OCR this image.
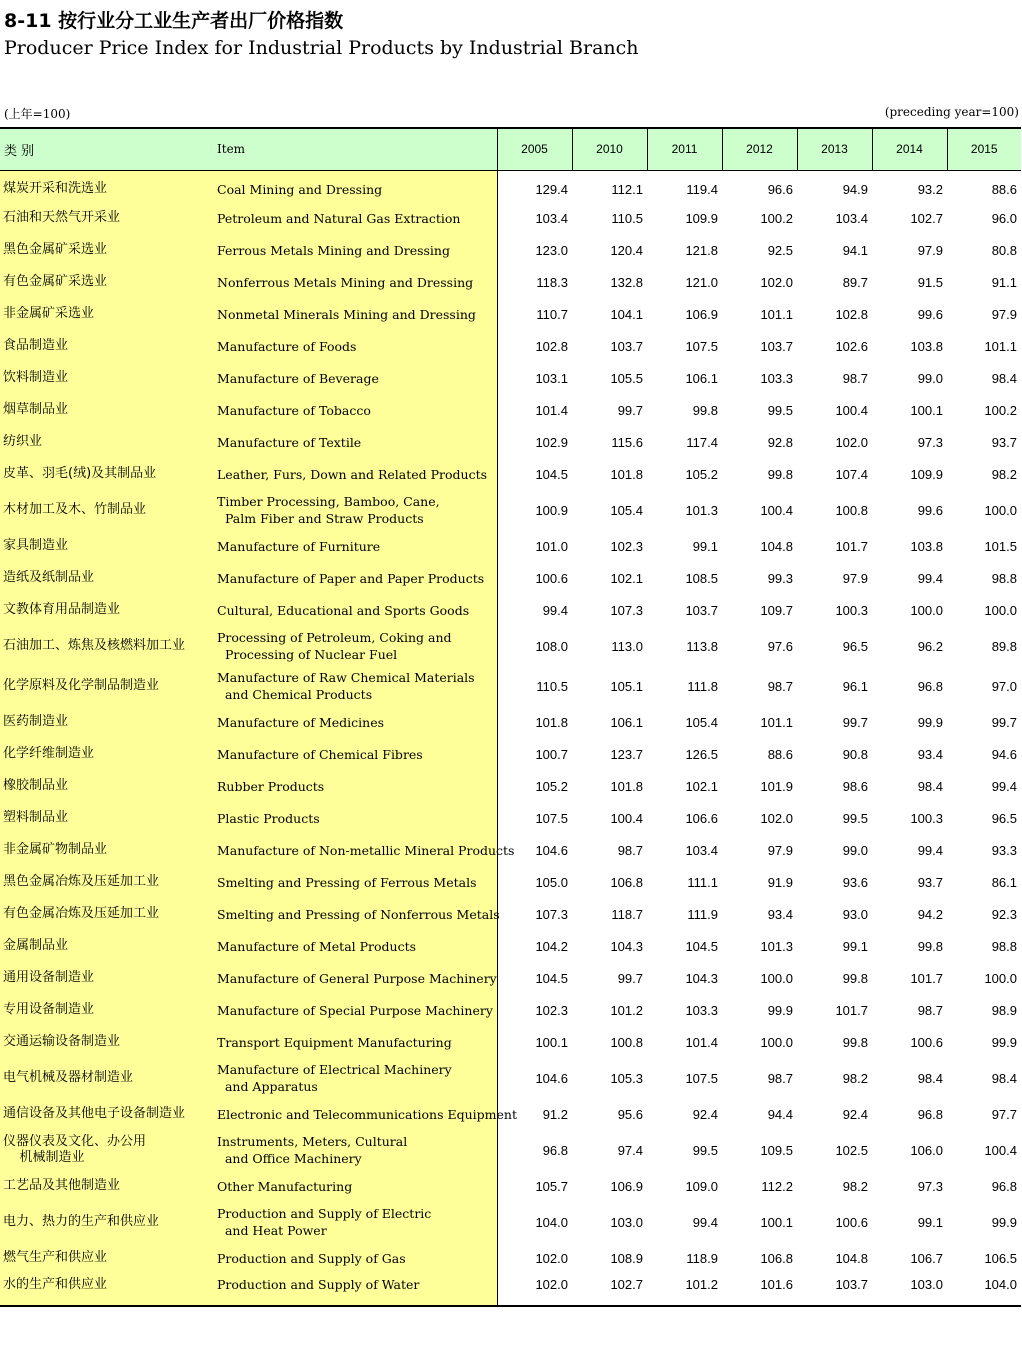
8-11 按行业分工业生产者出厂价格指数
Producer Price Index for Industrial Products by Industrial Branch
(上年=100)	(preceding year=100)
类 别	Item	2005	2010	2011	2012	2013	2014	2015
煤炭开采和洗选业	Coal Mining and Dressing	129.4	112.1	119.4	96.6	94.9	93.2	88.6
石油和天然气开采业	Petroleum and Natural Gas Extraction	103.4	110.5	109.9	100.2	103.4	102.7	96.0
黑色金属矿采选业	Ferrous Metals Mining and Dressing	123.0	120.4	121.8	92.5	94.1	97.9	80.8
有色金属矿采选业	Nonferrous Metals Mining and Dressing	118.3	132.8	121.0	102.0	89.7	91.5	91.1
非金属矿采选业	Nonmetal Minerals Mining and Dressing	110.7	104.1	106.9	101.1	102.8	99.6	97.9
食品制造业	Manufacture of Foods	102.8	103.7	107.5	103.7	102.6	103.8	101.1
饮料制造业	Manufacture of Beverage	103.1	105.5	106.1	103.3	98.7	99.0	98.4
烟草制品业	Manufacture of Tobacco	101.4	99.7	99.8	99.5	100.4	100.1	100.2
纺织业	Manufacture of Textile	102.9	115.6	117.4	92.8	102.0	97.3	93.7
皮革、羽毛(绒)及其制品业	Leather, Furs, Down and Related Products	104.5	101.8	105.2	99.8	107.4	109.9	98.2
木材加工及木、竹制品业	Timber Processing, Bamboo, Cane,
Palm Fiber and Straw Products	100.9	105.4	101.3	100.4	100.8	99.6	100.0
家具制造业	Manufacture of Furniture	101.0	102.3	99.1	104.8	101.7	103.8	101.5
造纸及纸制品业	Manufacture of Paper and Paper Products	100.6	102.1	108.5	99.3	97.9	99.4	98.8
文教体育用品制造业	Cultural, Educational and Sports Goods	99.4	107.3	103.7	109.7	100.3	100.0	100.0
石油加工、炼焦及核燃料加工业	Processing of Petroleum, Coking and
Processing of Nuclear Fuel	108.0	113.0	113.8	97.6	96.5	96.2	89.8
化学原料及化学制品制造业	Manufacture of Raw Chemical Materials
and Chemical Products	110.5	105.1	111.8	98.7	96.1	96.8	97.0
医药制造业	Manufacture of Medicines	101.8	106.1	105.4	101.1	99.7	99.9	99.7
化学纤维制造业	Manufacture of Chemical Fibres	100.7	123.7	126.5	88.6	90.8	93.4	94.6
橡胶制品业	Rubber Products	105.2	101.8	102.1	101.9	98.6	98.4	99.4
塑料制品业	Plastic Products	107.5	100.4	106.6	102.0	99.5	100.3	96.5
非金属矿物制品业	Manufacture of Non-metallic Mineral Products	104.6	98.7	103.4	97.9	99.0	99.4	93.3
黑色金属冶炼及压延加工业	Smelting and Pressing of Ferrous Metals	105.0	106.8	111.1	91.9	93.6	93.7	86.1
有色金属冶炼及压延加工业	Smelting and Pressing of Nonferrous Metals	107.3	118.7	111.9	93.4	93.0	94.2	92.3
金属制品业	Manufacture of Metal Products	104.2	104.3	104.5	101.3	99.1	99.8	98.8
通用设备制造业	Manufacture of General Purpose Machinery	104.5	99.7	104.3	100.0	99.8	101.7	100.0
专用设备制造业	Manufacture of Special Purpose Machinery	102.3	101.2	103.3	99.9	101.7	98.7	98.9
交通运输设备制造业	Transport Equipment Manufacturing	100.1	100.8	101.4	100.0	99.8	100.6	99.9
电气机械及器材制造业	Manufacture of Electrical Machinery
and Apparatus	104.6	105.3	107.5	98.7	98.2	98.4	98.4
通信设备及其他电子设备制造业	Electronic and Telecommunications Equipment	91.2	95.6	92.4	94.4	92.4	96.8	97.7
仪器仪表及文化、办公用
机械制造业	Instruments, Meters, Cultural
and Office Machinery	96.8	97.4	99.5	109.5	102.5	106.0	100.4
工艺品及其他制造业	Other Manufacturing	105.7	106.9	109.0	112.2	98.2	97.3	96.8
电力、热力的生产和供应业	Production and Supply of Electric
and Heat Power	104.0	103.0	99.4	100.1	100.6	99.1	99.9
燃气生产和供应业	Production and Supply of Gas	102.0	108.9	118.9	106.8	104.8	106.7	106.5
水的生产和供应业	Production and Supply of Water	102.0	102.7	101.2	101.6	103.7	103.0	104.0
